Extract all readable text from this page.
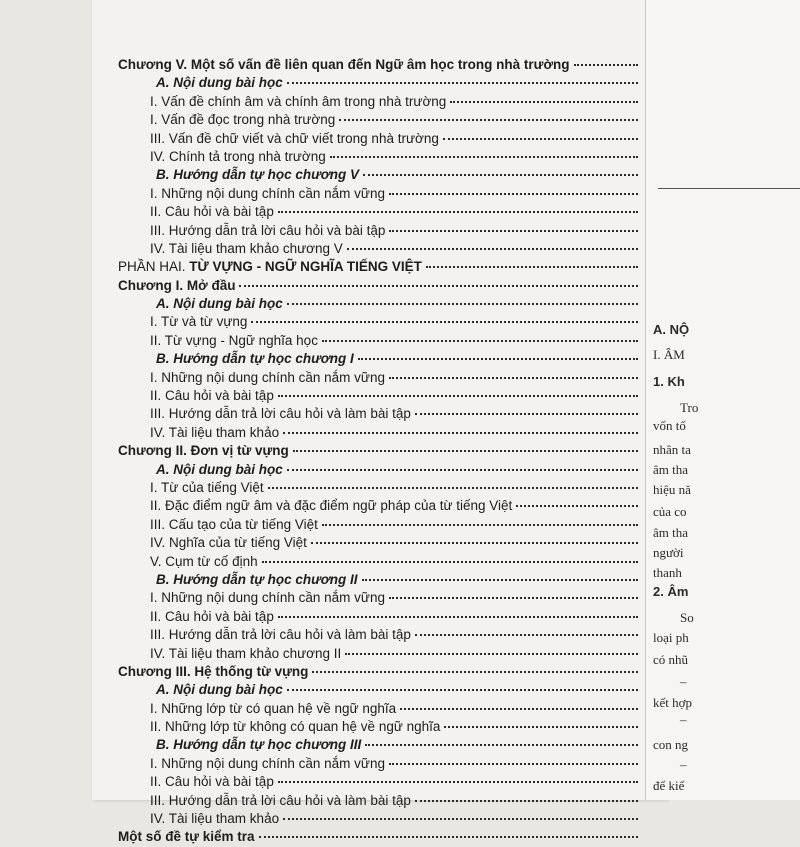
Chương V. Một số vấn đề liên quan đến Ngữ âm học trong nhà trường
A. Nội dung bài học
I. Vấn đề chính âm và chính âm trong nhà trường
I. Vấn đề đọc trong nhà trường
III. Vấn đề chữ viết và chữ viết trong nhà trường
IV. Chính tả trong nhà trường
B. Hướng dẫn tự học chương V
I. Những nội dung chính cần nắm vững
II. Câu hỏi và bài tập
III. Hướng dẫn trả lời câu hỏi và bài tập
IV. Tài liệu tham khảo chương V
PHẦN HAI. TỪ VỰNG - NGỮ NGHĨA TIẾNG VIỆT
Chương I. Mở đầu
A. Nội dung bài học
I. Từ và từ vựng
II. Từ vựng - Ngữ nghĩa học
B. Hướng dẫn tự học chương I
I. Những nội dung chính cần nắm vững
II. Câu hỏi và bài tập
III. Hướng dẫn trả lời câu hỏi và làm bài tập
IV. Tài liệu tham khảo
Chương II. Đơn vị từ vựng
A. Nội dung bài học
I. Từ của tiếng Việt
II. Đặc điểm ngữ âm và đặc điểm ngữ pháp của từ tiếng Việt
III. Cấu tạo của từ tiếng Việt
IV. Nghĩa của từ tiếng Việt
V. Cụm từ cố định
B. Hướng dẫn tự học chương II
I. Những nội dung chính cần nắm vững
II. Câu hỏi và bài tập
III. Hướng dẫn trả lời câu hỏi và làm bài tập
IV. Tài liệu tham khảo chương II
Chương III. Hệ thống từ vựng
A. Nội dung bài học
I. Những lớp từ có quan hệ về ngữ nghĩa
II. Những lớp từ không có quan hệ về ngữ nghĩa
B. Hướng dẫn tự học chương III
I. Những nội dung chính cần nắm vững
II. Câu hỏi và bài tập
III. Hướng dẫn trả lời câu hỏi và làm bài tập
IV. Tài liệu tham khảo
Một số đề tự kiểm tra
A. NỘ
I. ÂM
1. Kh
Tro
vốn tố
nhân ta
âm tha
hiệu nă
của co
âm tha
người
thanh
2. Âm
So
loại ph
có nhũ
–
kết hợp
–
con ng
–
để kiể
